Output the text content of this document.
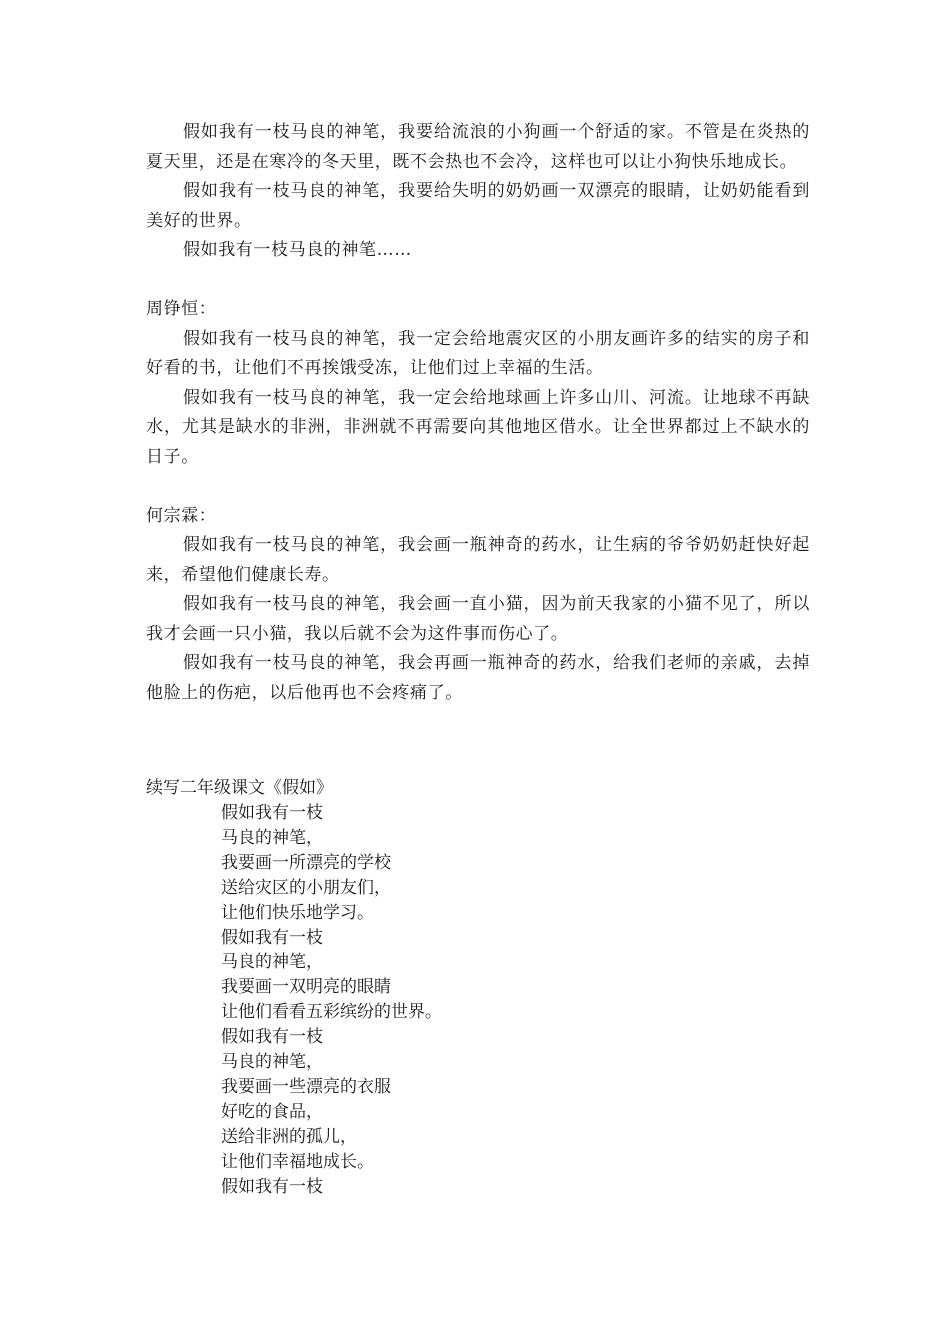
假如我有一枝马良的神笔，我要给流浪的小狗画一个舒适的家。不管是在炎热的夏天里，还是在寒冷的冬天里，既不会热也不会冷，这样也可以让小狗快乐地成长。

假如我有一枝马良的神笔，我要给失明的奶奶画一双漂亮的眼睛，让奶奶能看到美好的世界。

假如我有一枝马良的神笔……

周铮恒：

假如我有一枝马良的神笔，我一定会给地震灾区的小朋友画许多的结实的房子和好看的书，让他们不再挨饿受冻，让他们过上幸福的生活。

假如我有一枝马良的神笔，我一定会给地球画上许多山川、河流。让地球不再缺水，尤其是缺水的非洲，非洲就不再需要向其他地区借水。让全世界都过上不缺水的日子。

何宗霖：

假如我有一枝马良的神笔，我会画一瓶神奇的药水，让生病的爷爷奶奶赶快好起来，希望他们健康长寿。

假如我有一枝马良的神笔，我会画一直小猫，因为前天我家的小猫不见了，所以我才会画一只小猫，我以后就不会为这件事而伤心了。

假如我有一枝马良的神笔，我会再画一瓶神奇的药水，给我们老师的亲戚，去掉他脸上的伤疤，以后他再也不会疼痛了。

续写二年级课文《假如》

假如我有一枝
马良的神笔，
我要画一所漂亮的学校
送给灾区的小朋友们，
让他们快乐地学习。
假如我有一枝
马良的神笔，
我要画一双明亮的眼睛
让他们看看五彩缤纷的世界。
假如我有一枝
马良的神笔，
我要画一些漂亮的衣服
好吃的食品，
送给非洲的孤儿，
让他们幸福地成长。
假如我有一枝
